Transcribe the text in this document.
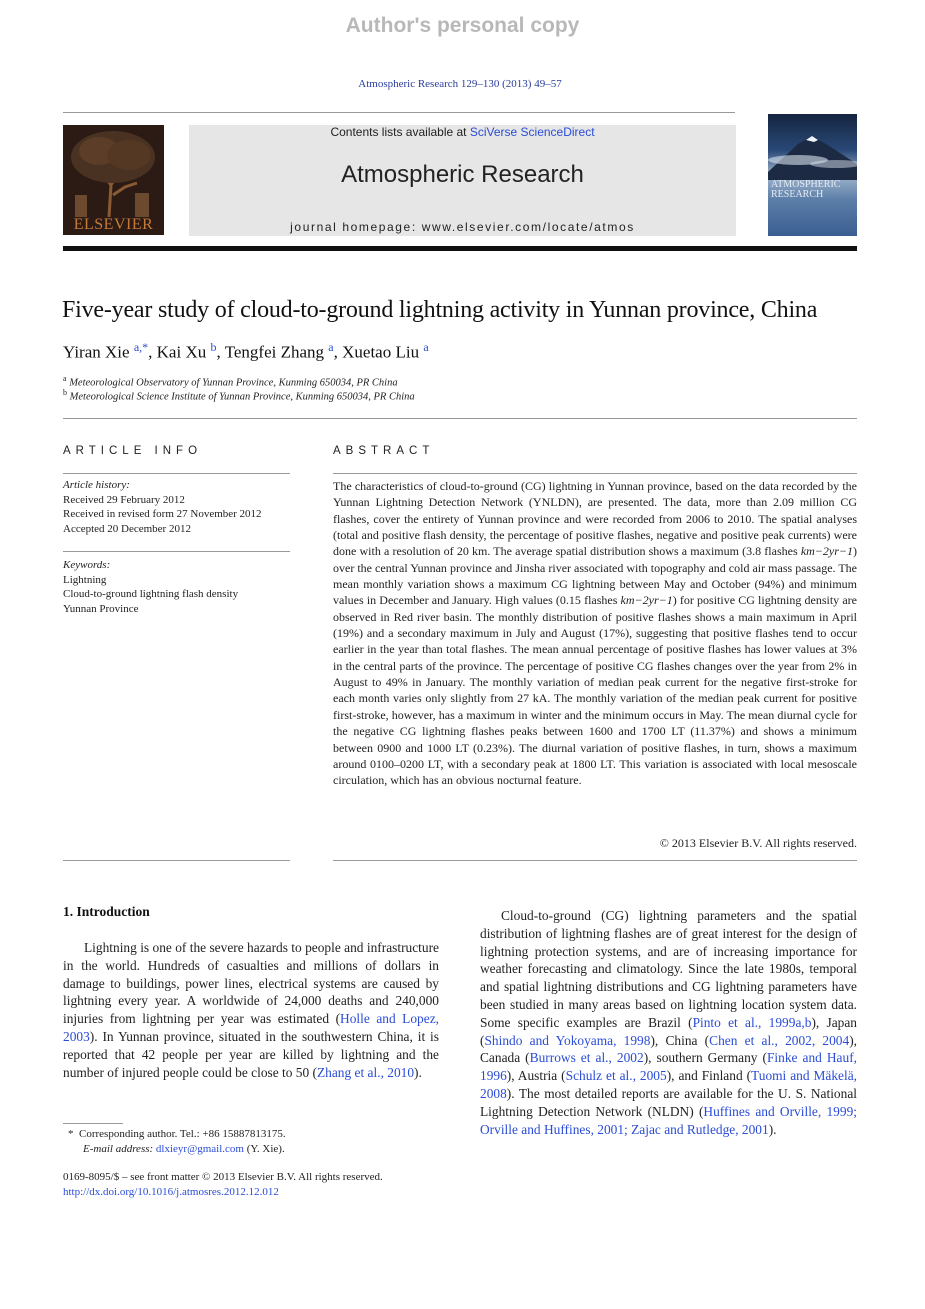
Author's personal copy
Atmospheric Research 129–130 (2013) 49–57
ELSEVIER
Contents lists available at SciVerse ScienceDirect
Atmospheric Research
journal homepage: www.elsevier.com/locate/atmos
ATMOSPHERIC RESEARCH
Five-year study of cloud-to-ground lightning activity in Yunnan province, China
Yiran Xie $^{a,*}$, Kai Xu $^b$, Tengfei Zhang $^a$, Xuetao Liu $^a$
$^a$ Meteorological Observatory of Yunnan Province, Kunming 650034, PR China
$^b$ Meteorological Science Institute of Yunnan Province, Kunming 650034, PR China
ARTICLE INFO
Article history:
Received 29 February 2012
Received in revised form 27 November 2012
Accepted 20 December 2012
Keywords:
Lightning
Cloud-to-ground lightning flash density
Yunnan Province
ABSTRACT

The characteristics of cloud-to-ground (CG) lightning in Yunnan province, based on the data recorded by the Yunnan Lightning Detection Network (YNLDN), are presented. The data, more than 2.09 million CG flashes, cover the entirety of Yunnan province and were recorded from 2006 to 2010. The spatial analyses (total and positive flash density, the percentage of positive flashes, negative and positive peak currents) were done with a resolution of 20 km. The average spatial distribution shows a maximum (3.8 flashes km−2yr−1) over the central Yunnan province and Jinsha river associated with topography and cold air mass passage. The mean monthly variation shows a maximum CG lightning between May and October (94%) and minimum values in December and January. High values (0.15 flashes km−2yr−1) for positive CG lightning density are observed in Red river basin. The monthly distribution of positive flashes shows a main maximum in April (19%) and a secondary maximum in July and August (17%), suggesting that positive flashes tend to occur earlier in the year than total flashes. The mean annual percentage of positive flashes has lower values at 3% in the central parts of the province. The percentage of positive CG flashes changes over the year from 2% in August to 49% in January. The monthly variation of median peak current for the negative first-stroke for each month varies only slightly from 27 kA. The monthly variation of the median peak current for positive first-stroke, however, has a maximum in winter and the minimum occurs in May. The mean diurnal cycle for the negative CG lightning flashes peaks between 1600 and 1700 LT (11.37%) and shows a minimum between 0900 and 1000 LT (0.23%). The diurnal variation of positive flashes, in turn, shows a maximum around 0100–0200 LT, with a secondary peak at 1800 LT. This variation is associated with local mesoscale circulation, which has an obvious nocturnal feature.

© 2013 Elsevier B.V. All rights reserved.
1. Introduction

Lightning is one of the severe hazards to people and infrastructure in the world. Hundreds of casualties and millions of dollars in damage to buildings, power lines, electrical systems are caused by lightning every year. A worldwide of 24,000 deaths and 240,000 injuries from lightning per year was estimated (Holle and Lopez, 2003). In Yunnan province, situated in the southwestern China, it is reported that 42 people per year are killed by lightning and the number of injured people could be close to 50 (Zhang et al., 2010).

Cloud-to-ground (CG) lightning parameters and the spatial distribution of lightning flashes are of great interest for the design of lightning protection systems, and are of increasing importance for weather forecasting and climatology. Since the late 1980s, temporal and spatial lightning distributions and CG lightning parameters have been studied in many areas based on lightning location system data. Some specific examples are Brazil (Pinto et al., 1999a,b), Japan (Shindo and Yokoyama, 1998), China (Chen et al., 2002, 2004), Canada (Burrows et al., 2002), southern Germany (Finke and Hauf, 1996), Austria (Schulz et al., 2005), and Finland (Tuomi and Mäkelä, 2008). The most detailed reports are available for the U. S. National Lightning Detection Network (NLDN) (Huffines and Orville, 1999; Orville and Huffines, 2001; Zajac and Rutledge, 2001).

* Corresponding author. Tel.: +86 15887813175.
E-mail address: dlxieyr@gmail.com (Y. Xie).
0169-8095/$ – see front matter © 2013 Elsevier B.V. All rights reserved.
http://dx.doi.org/10.1016/j.atmosres.2012.12.012
